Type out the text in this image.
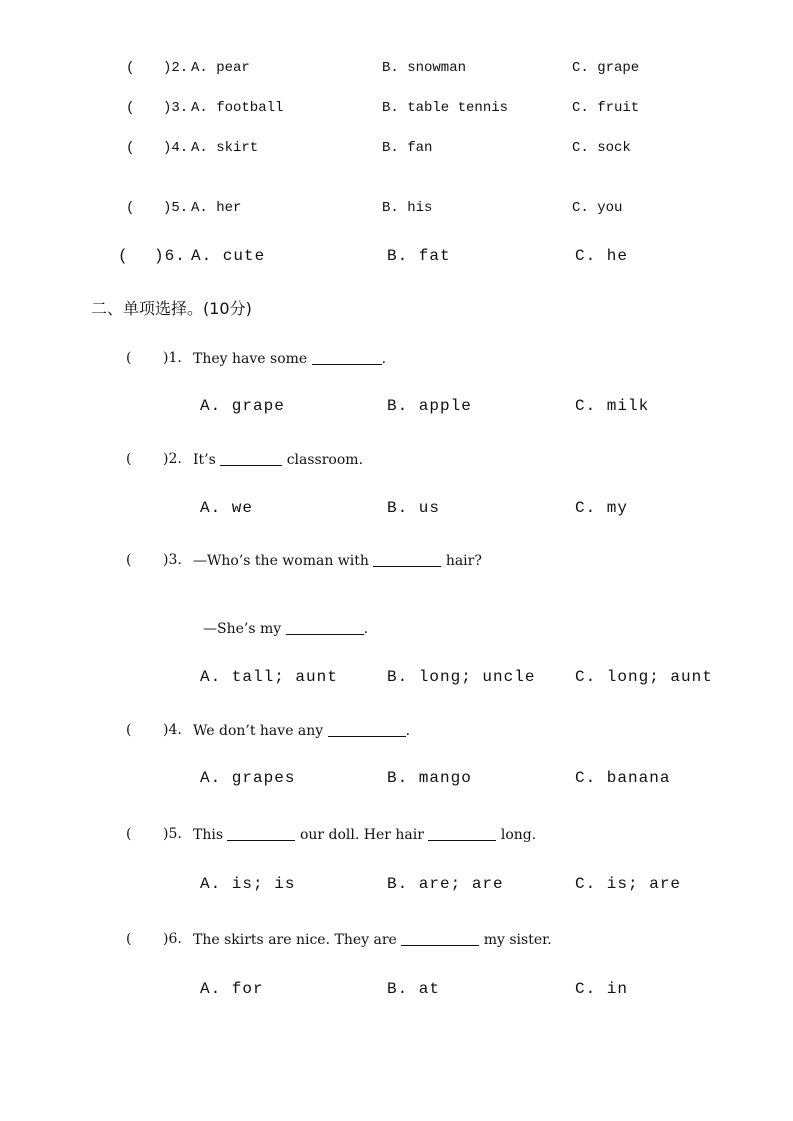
( )2. A. pear	B. snowman	C. grape
( )3. A. football	B. table tennis	C. fruit
( )4. A. skirt	B. fan	C. sock
( )5. A. her	B. his	C. you
( )6. A. cute	B. fat	C. he
二、单项选择。(10分)
( )1. They have some	.
A. grape	B. apple	C. milk
( )2. It’s	classroom.
A. we	B. us	C. my
( )3. —Who’s the woman with	hair?
—She’s my	.
A. tall; aunt	B. long; uncle C. long; aunt
( )4. We don’t have any	.
A. grapes	B. mango	C. banana
( )5. This	our doll. Her hair	long.
A. is; is	B. are; are	C. is; are
( )6. The skirts are nice. They are	my sister.
A. for	B. at	C. in
